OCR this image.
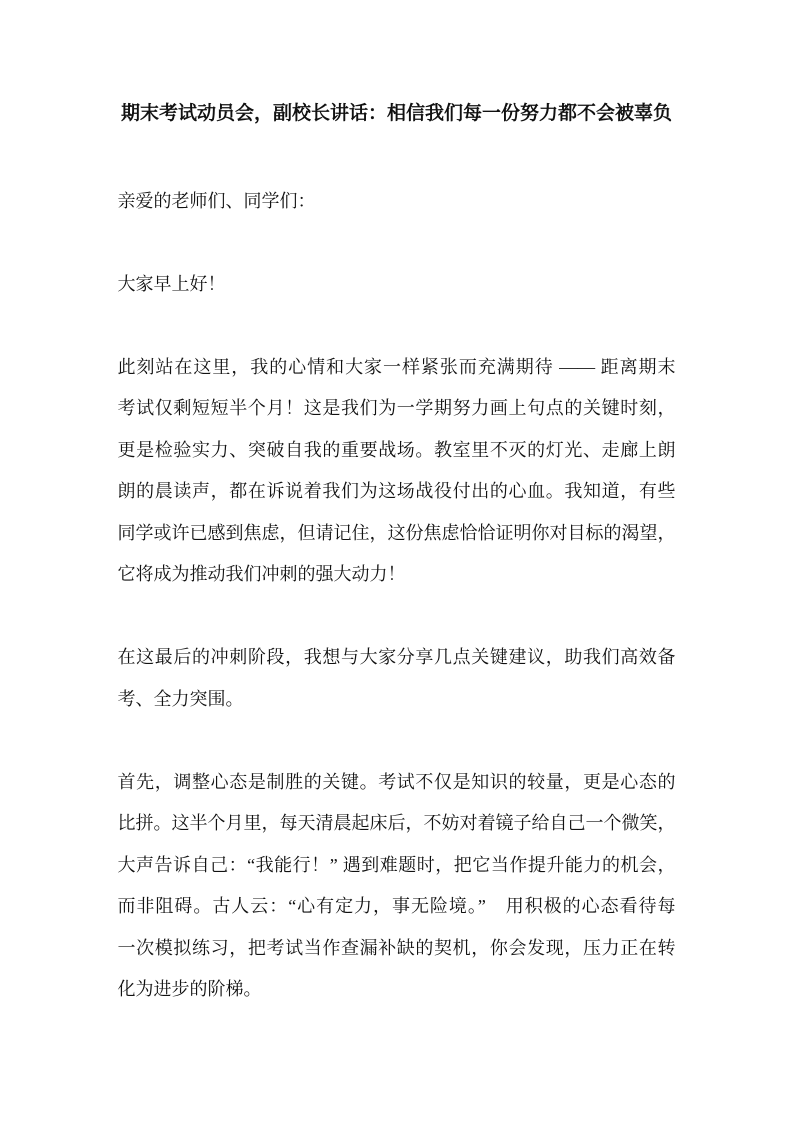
期末考试动员会，副校长讲话：相信我们每一份努力都不会被辜负
亲爱的老师们、同学们：
大家早上好！
此刻站在这里，我的心情和大家一样紧张而充满期待 —— 距离期末
考试仅剩短短半个月！这是我们为一学期努力画上句点的关键时刻，
更是检验实力、突破自我的重要战场。教室里不灭的灯光、走廊上朗
朗的晨读声，都在诉说着我们为这场战役付出的心血。我知道，有些
同学或许已感到焦虑，但请记住，这份焦虑恰恰证明你对目标的渴望，
它将成为推动我们冲刺的强大动力！
在这最后的冲刺阶段，我想与大家分享几点关键建议，助我们高效备
考、全力突围。
首先，调整心态是制胜的关键。考试不仅是知识的较量，更是心态的
比拼。这半个月里，每天清晨起床后，不妨对着镜子给自己一个微笑，
大声告诉自己：“我能行！” 遇到难题时，把它当作提升能力的机会，
而非阻碍。古人云：“心有定力，事无险境。”　用积极的心态看待每
一次模拟练习，把考试当作查漏补缺的契机，你会发现，压力正在转
化为进步的阶梯。
